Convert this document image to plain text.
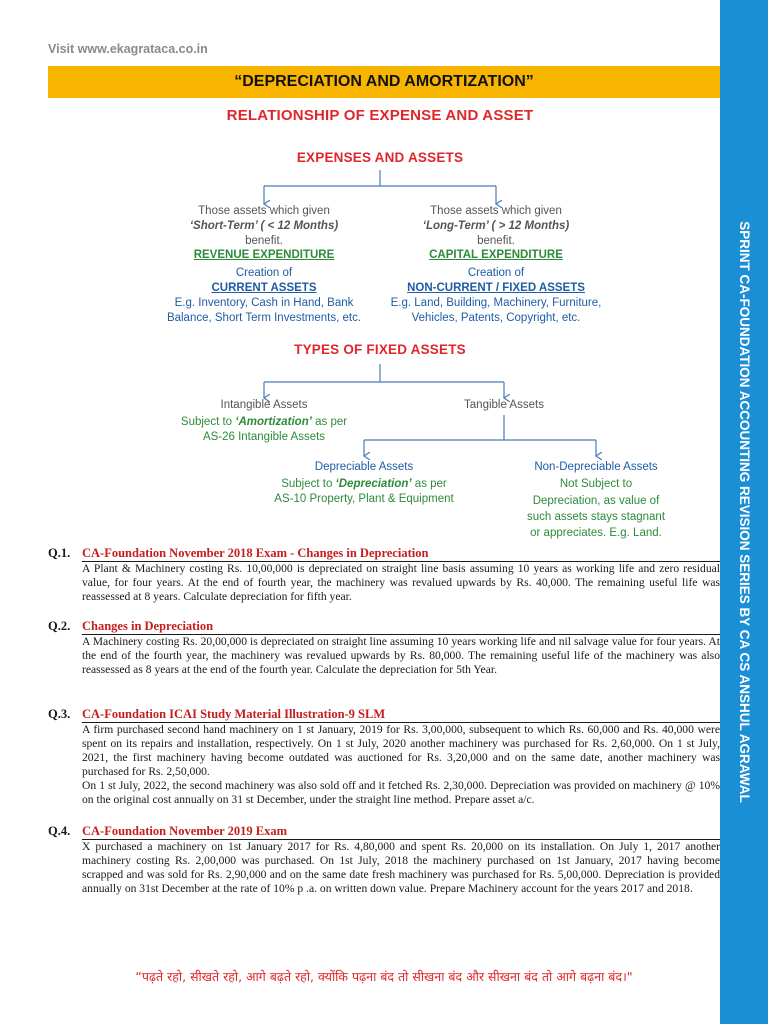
Visit www.ekagrataca.co.in
SPRINT CA-FOUNDATION ACCOUNTING REVISION SERIES BY CA CS ANSHUL AGRAWAL
“DEPRECIATION AND AMORTIZATION”
RELATIONSHIP OF EXPENSE AND ASSET
EXPENSES AND ASSETS
Those assets which given
‘Short-Term’ ( < 12 Months)
benefit.
REVENUE EXPENDITURE
Creation of
CURRENT ASSETS
E.g. Inventory, Cash in Hand, Bank
Balance, Short Term Investments, etc.
Those assets which given
‘Long-Term’ ( > 12 Months)
benefit.
CAPITAL EXPENDITURE
Creation of
NON-CURRENT / FIXED ASSETS
E.g. Land, Building, Machinery, Furniture,
Vehicles, Patents, Copyright, etc.
TYPES OF FIXED ASSETS
Intangible Assets
Subject to ‘Amortization’ as per
AS-26 Intangible Assets
Tangible Assets
Depreciable Assets
Subject to ‘Depreciation’ as per
AS-10 Property, Plant & Equipment
Non-Depreciable Assets
Not Subject to
Depreciation, as value of
such assets stays stagnant
or appreciates. E.g. Land.
Q.1. CA-Foundation November 2018 Exam - Changes in Depreciation

A Plant & Machinery costing Rs. 10,00,000 is depreciated on straight line basis assuming 10 years as working life and zero residual value, for four years. At the end of fourth year, the machinery was revalued upwards by Rs. 40,000. The remaining useful life was reassessed at 8 years. Calculate depreciation for fifth year.

Q.2. Changes in Depreciation

A Machinery costing Rs. 20,00,000 is depreciated on straight line assuming 10 years working life and nil salvage value for four years. At the end of the fourth year, the machinery was revalued upwards by Rs. 80,000. The remaining useful life of the machinery was also reassessed as 8 years at the end of the fourth year. Calculate the depreciation for 5th Year.

Q.3. CA-Foundation ICAI Study Material Illustration-9 SLM

A firm purchased second hand machinery on 1 st January, 2019 for Rs. 3,00,000, subsequent to which Rs. 60,000 and Rs. 40,000 were spent on its repairs and installation, respectively. On 1 st July, 2020 another machinery was purchased for Rs. 2,60,000. On 1 st July, 2021, the first machinery having become outdated was auctioned for Rs. 3,20,000 and on the same date, another machinery was purchased for Rs. 2,50,000.

On 1 st July, 2022, the second machinery was also sold off and it fetched Rs. 2,30,000. Depreciation was provided on machinery @ 10% on the original cost annually on 31 st December, under the straight line method. Prepare asset a/c.

Q.4. CA-Foundation November 2019 Exam

X purchased a machinery on 1st January 2017 for Rs. 4,80,000 and spent Rs. 20,000 on its installation. On July 1, 2017 another machinery costing Rs. 2,00,000 was purchased. On 1st July, 2018 the machinery purchased on 1st January, 2017 having become scrapped and was sold for Rs. 2,90,000 and on the same date fresh machinery was purchased for Rs. 5,00,000. Depreciation is provided annually on 31st December at the rate of 10% p .a. on written down value. Prepare Machinery account for the years 2017 and 2018.

“पढ़ते रहो, सीखते रहो, आगे बढ़ते रहो, क्योंकि पढ़ना बंद तो सीखना बंद और सीखना बंद तो आगे बढ़ना बंद।"
